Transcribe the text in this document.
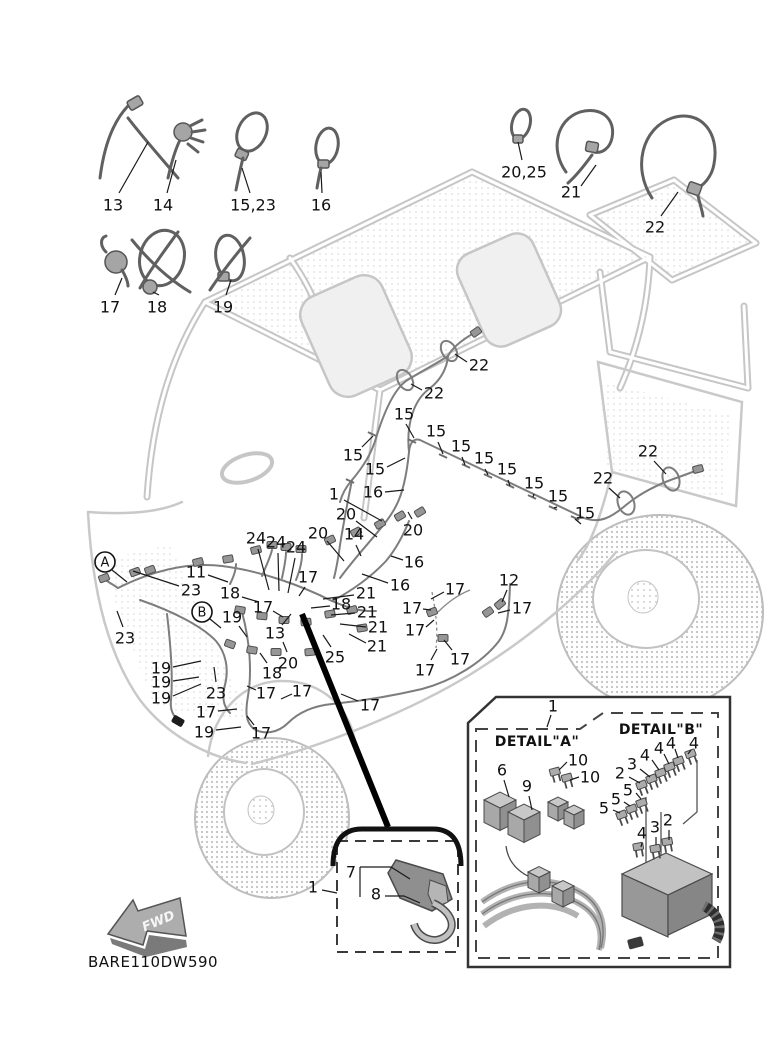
DETAIL"A"
DETAIL"B"
FWD
BARE110DW590
13 14	15,23 16
17 18	19
20,25
21
22
22
22
15
15
15
15
15
15
15
15
15
15
22
22
1 16
20
20 14 20
16
16
24 24 24
11
23
A
23
B 19
18
17
17
13
18
21
21
21
21
25
20
18
19
19
19 23 17 17
17
19 17
17
12
17
17
17
17
17
17
1
7
8
1
6
9
10
10 2 3 4 4 4 4
5 5 5
4 3 2
